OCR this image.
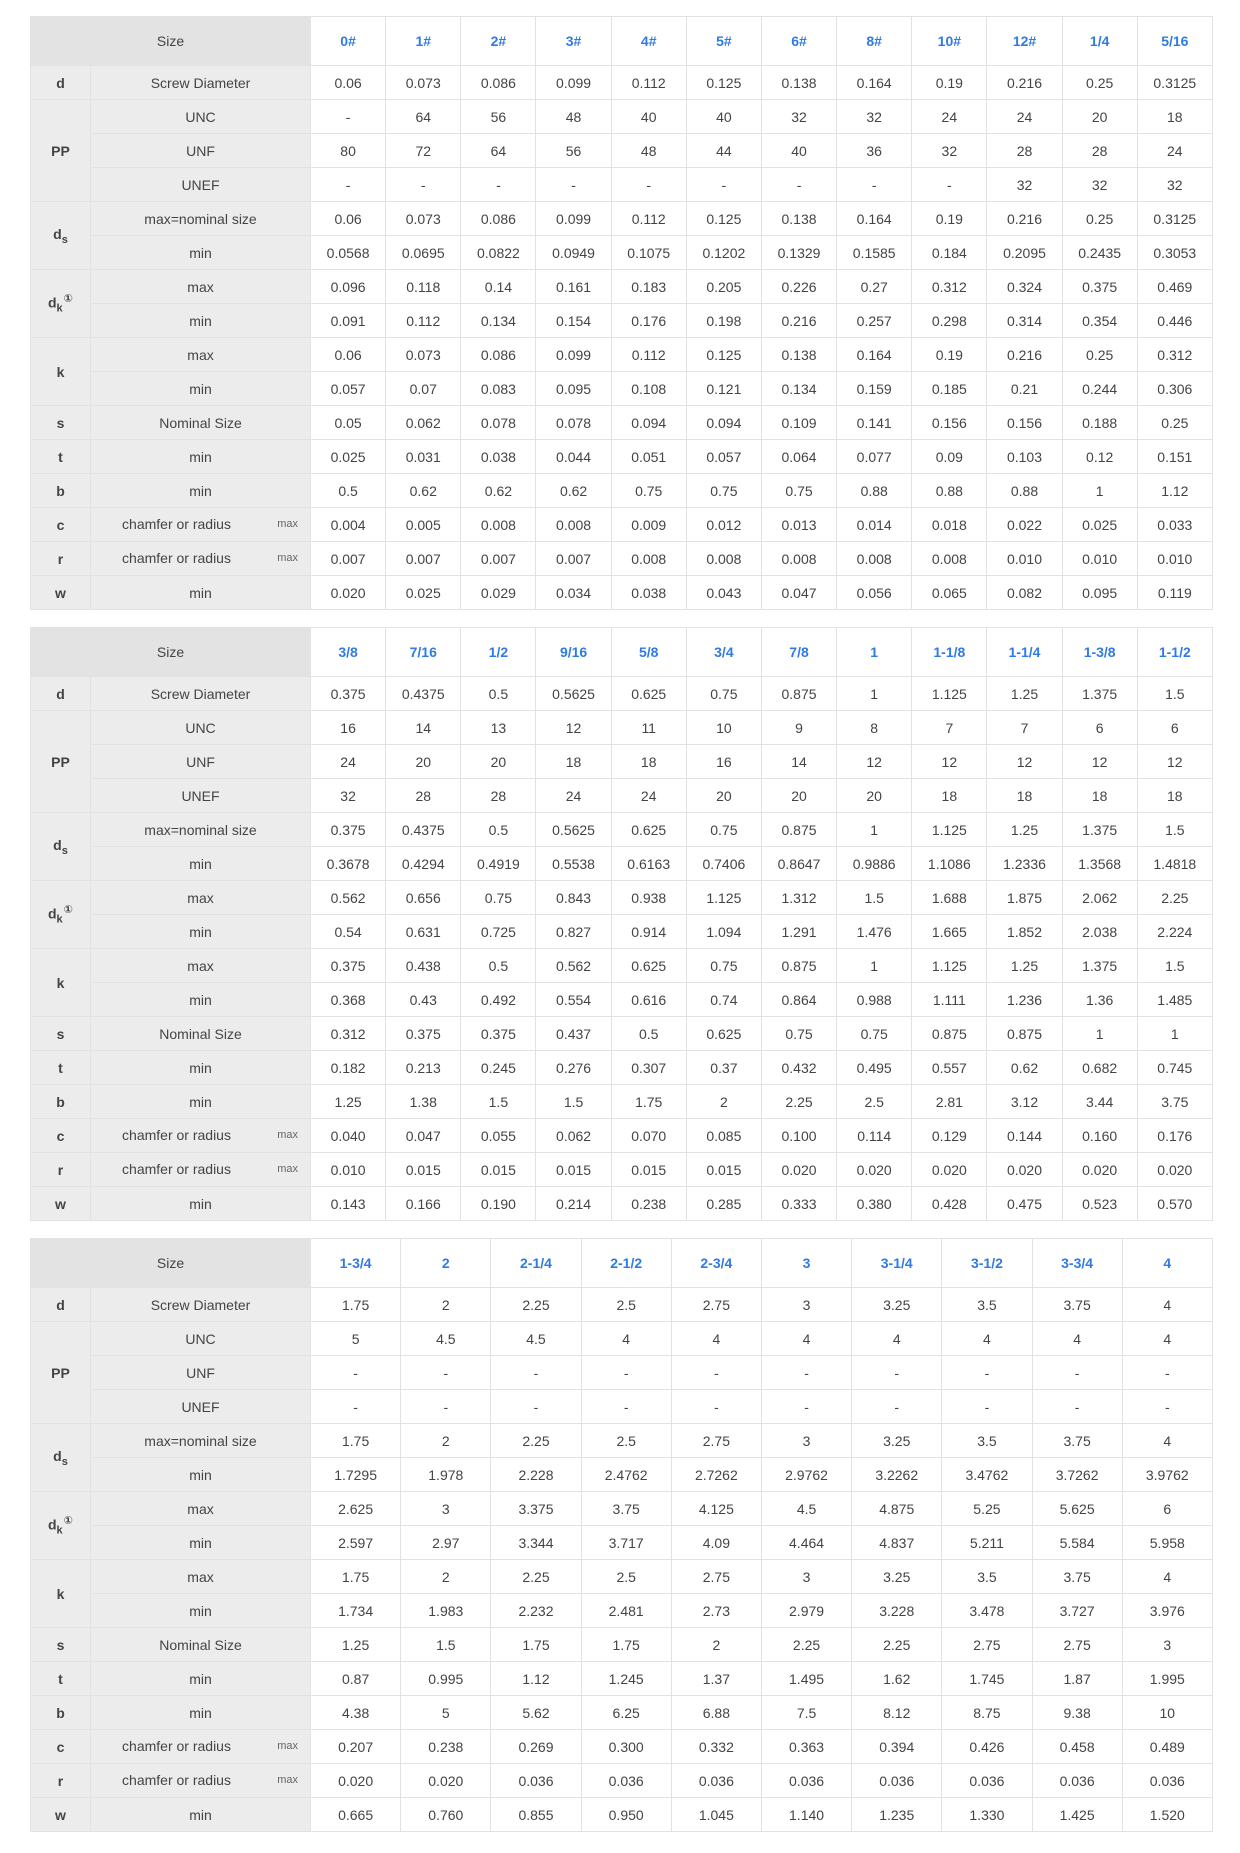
Size		0#	1#	2#	3#	4#	5#	6#	8#	10#	12#	1/4	5/16
d	Screw Diameter	0.06	0.073	0.086	0.099	0.112	0.125	0.138	0.164	0.19	0.216	0.25	0.3125
PP	UNC	-	64	56	48	40	40	32	32	24	24	20	18
	UNF	80	72	64	56	48	44	40	36	32	28	28	24
	UNEF	-	-	-	-	-	-	-	-	-	32	32	32
$d_s$	max=nominal size	0.06	0.073	0.086	0.099	0.112	0.125	0.138	0.164	0.19	0.216	0.25	0.3125
	min	0.0568	0.0695	0.0822	0.0949	0.1075	0.1202	0.1329	0.1585	0.184	0.2095	0.2435	0.3053
$d_k^①$	max	0.096	0.118	0.14	0.161	0.183	0.205	0.226	0.27	0.312	0.324	0.375	0.469
	min	0.091	0.112	0.134	0.154	0.176	0.198	0.216	0.257	0.298	0.314	0.354	0.446
k	max	0.06	0.073	0.086	0.099	0.112	0.125	0.138	0.164	0.19	0.216	0.25	0.312
	min	0.057	0.07	0.083	0.095	0.108	0.121	0.134	0.159	0.185	0.21	0.244	0.306
s	Nominal Size	0.05	0.062	0.078	0.078	0.094	0.094	0.109	0.141	0.156	0.156	0.188	0.25
t	min	0.025	0.031	0.038	0.044	0.051	0.057	0.064	0.077	0.09	0.103	0.12	0.151
b	min	0.5	0.62	0.62	0.62	0.75	0.75	0.75	0.88	0.88	0.88	1	1.12
c	chamfer or radius max	0.004	0.005	0.008	0.008	0.009	0.012	0.013	0.014	0.018	0.022	0.025	0.033
r	chamfer or radius max	0.007	0.007	0.007	0.007	0.008	0.008	0.008	0.008	0.008	0.010	0.010	0.010
w	min	0.020	0.025	0.029	0.034	0.038	0.043	0.047	0.056	0.065	0.082	0.095	0.119
Size		3/8	7/16	1/2	9/16	5/8	3/4	7/8	1	1-1/8	1-1/4	1-3/8	1-1/2
d	Screw Diameter	0.375	0.4375	0.5	0.5625	0.625	0.75	0.875	1	1.125	1.25	1.375	1.5
PP	UNC	16	14	13	12	11	10	9	8	7	7	6	6
	UNF	24	20	20	18	18	16	14	12	12	12	12	12
	UNEF	32	28	28	24	24	20	20	20	18	18	18	18
$d_s$	max=nominal size	0.375	0.4375	0.5	0.5625	0.625	0.75	0.875	1	1.125	1.25	1.375	1.5
	min	0.3678	0.4294	0.4919	0.5538	0.6163	0.7406	0.8647	0.9886	1.1086	1.2336	1.3568	1.4818
$d_k^①$	max	0.562	0.656	0.75	0.843	0.938	1.125	1.312	1.5	1.688	1.875	2.062	2.25
	min	0.54	0.631	0.725	0.827	0.914	1.094	1.291	1.476	1.665	1.852	2.038	2.224
k	max	0.375	0.438	0.5	0.562	0.625	0.75	0.875	1	1.125	1.25	1.375	1.5
	min	0.368	0.43	0.492	0.554	0.616	0.74	0.864	0.988	1.111	1.236	1.36	1.485
s	Nominal Size	0.312	0.375	0.375	0.437	0.5	0.625	0.75	0.75	0.875	0.875	1	1
t	min	0.182	0.213	0.245	0.276	0.307	0.37	0.432	0.495	0.557	0.62	0.682	0.745
b	min	1.25	1.38	1.5	1.5	1.75	2	2.25	2.5	2.81	3.12	3.44	3.75
c	chamfer or radius max	0.040	0.047	0.055	0.062	0.070	0.085	0.100	0.114	0.129	0.144	0.160	0.176
r	chamfer or radius max	0.010	0.015	0.015	0.015	0.015	0.015	0.020	0.020	0.020	0.020	0.020	0.020
w	min	0.143	0.166	0.190	0.214	0.238	0.285	0.333	0.380	0.428	0.475	0.523	0.570
Size		1-3/4	2	2-1/4	2-1/2	2-3/4	3	3-1/4	3-1/2	3-3/4	4
d	Screw Diameter	1.75	2	2.25	2.5	2.75	3	3.25	3.5	3.75	4
PP	UNC	5	4.5	4.5	4	4	4	4	4	4	4
	UNF	-	-	-	-	-	-	-	-	-	-
	UNEF	-	-	-	-	-	-	-	-	-	-
$d_s$	max=nominal size	1.75	2	2.25	2.5	2.75	3	3.25	3.5	3.75	4
	min	1.7295	1.978	2.228	2.4762	2.7262	2.9762	3.2262	3.4762	3.7262	3.9762
$d_k^①$	max	2.625	3	3.375	3.75	4.125	4.5	4.875	5.25	5.625	6
	min	2.597	2.97	3.344	3.717	4.09	4.464	4.837	5.211	5.584	5.958
k	max	1.75	2	2.25	2.5	2.75	3	3.25	3.5	3.75	4
	min	1.734	1.983	2.232	2.481	2.73	2.979	3.228	3.478	3.727	3.976
s	Nominal Size	1.25	1.5	1.75	1.75	2	2.25	2.25	2.75	2.75	3
t	min	0.87	0.995	1.12	1.245	1.37	1.495	1.62	1.745	1.87	1.995
b	min	4.38	5	5.62	6.25	6.88	7.5	8.12	8.75	9.38	10
c	chamfer or radius max	0.207	0.238	0.269	0.300	0.332	0.363	0.394	0.426	0.458	0.489
r	chamfer or radius max	0.020	0.020	0.036	0.036	0.036	0.036	0.036	0.036	0.036	0.036
w	min	0.665	0.760	0.855	0.950	1.045	1.140	1.235	1.330	1.425	1.520
